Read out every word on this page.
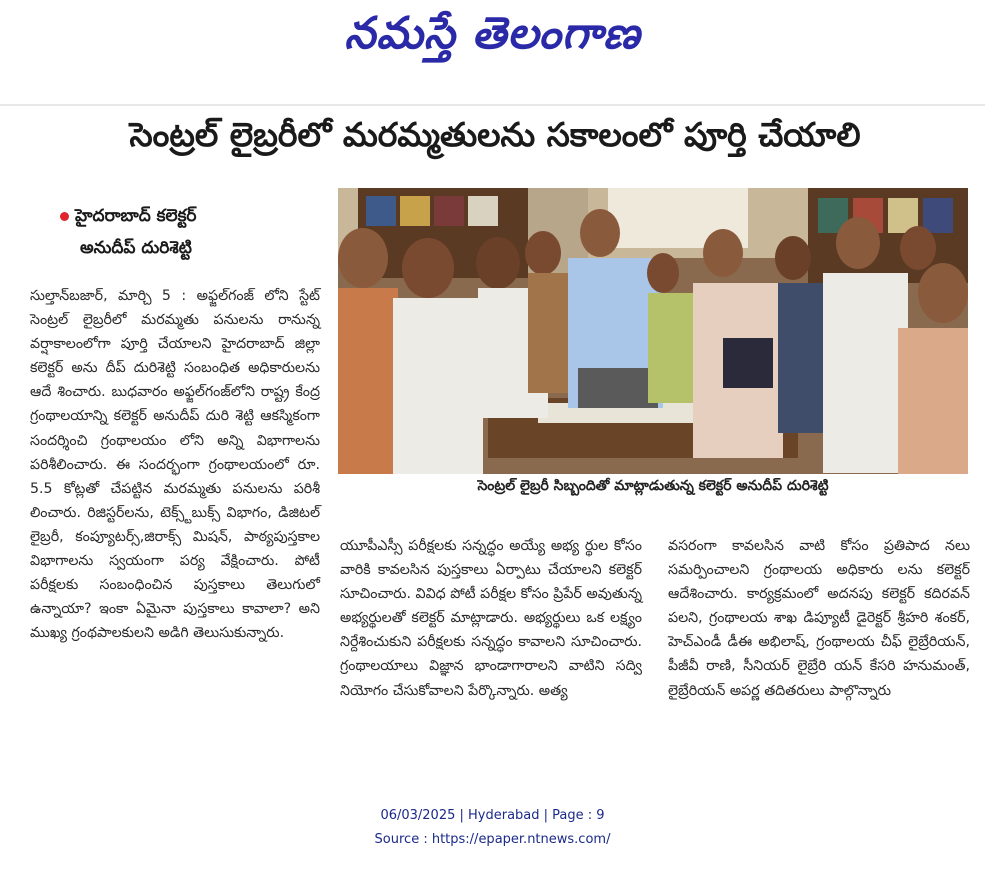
నమస్తే తెలంగాణ
సెంట్రల్ లైబ్రరీలో మరమ్మతులను సకాలంలో పూర్తి చేయాలి
హైదరాబాద్ కలెక్టర్
అనుదీప్ దురిశెట్టి

సుల్తాన్‌బజార్, మార్చి 5 : అఫ్జల్‌గంజ్ లోని స్టేట్ సెంట్రల్ లైబ్రరీలో మరమ్మతు పనులను రానున్న వర్షాకాలంలోగా పూర్తి చేయాలని హైదరాబాద్ జిల్లా కలెక్టర్ అను దీప్ దురిశెట్టి సంబంధిత అధికారులను ఆదే శించారు. బుధవారం అఫ్జల్‌గంజ్‌లోని రాష్ట్ర కేంద్ర గ్రంథాలయాన్ని కలెక్టర్ అనుదీప్ దురి శెట్టి ఆకస్మికంగా సందర్శించి గ్రంథాలయం లోని అన్ని విభాగాలను పరిశీలించారు. ఈ సందర్భంగా గ్రంథాలయంలో రూ. 5.5 కోట్లతో చేపట్టిన మరమ్మతు పనులను పరిశీ లించారు. రిజిస్టర్‌లను, టెక్స్ట్‌బుక్స్ విభాగం, డిజిటల్ లైబ్రరీ, కంప్యూటర్స్,జిరాక్స్ మిషన్, పాఠ్యపుస్తకాల విభాగాలను స్వయంగా పర్య వేక్షించారు. పోటీ పరీక్షలకు సంబంధించిన పుస్తకాలు తెలుగులో ఉన్నాయా? ఇంకా ఏమైనా పుస్తకాలు కావాలా? అని ముఖ్య గ్రంథపాలకులని అడిగి తెలుసుకున్నారు.

సెంట్రల్ లైబ్రరీ సిబ్బందితో మాట్లాడుతున్న కలెక్టర్ అనుదీప్ దురిశెట్టి

యూపీఎస్సీ పరీక్షలకు సన్నద్ధం అయ్యే అభ్య ర్థుల కోసం వారికి కావలసిన పుస్తకాలు ఏర్పాటు చేయాలని కలెక్టర్ సూచించారు. వివిధ పోటీ పరీక్షల కోసం ప్రిపేర్ అవుతున్న అభ్యర్థులతో కలెక్టర్ మాట్లాడారు. అభ్యర్థులు ఒక లక్ష్యం నిర్దేశించుకుని పరీక్షలకు సన్నద్ధం కావాలని సూచించారు. గ్రంథాలయాలు విజ్ఞాన భాండాగారాలని వాటిని సద్వి నియోగం చేసుకోవాలని పేర్కొన్నారు. అత్య

వసరంగా కావలసిన వాటి కోసం ప్రతిపాద నలు సమర్పించాలని గ్రంథాలయ అధికారు లను కలెక్టర్ ఆదేశించారు. కార్యక్రమంలో అదనపు కలెక్టర్ కదిరవన్ పలని, గ్రంథాలయ శాఖ డిప్యూటీ డైరెక్టర్ శ్రీహరి శంకర్, హెచ్‌ఎండీ డీఈ అభిలాష్, గ్రంథాలయ చీఫ్ లైబ్రేరియన్, పీజీవీ రాణి, సీనియర్ లైబ్రేరి యన్ కేసరి హనుమంత్, లైబ్రేరియన్ అపర్ణ తదితరులు పాల్గొన్నారు

06/03/2025 | Hyderabad | Page : 9
Source : https://epaper.ntnews.com/
